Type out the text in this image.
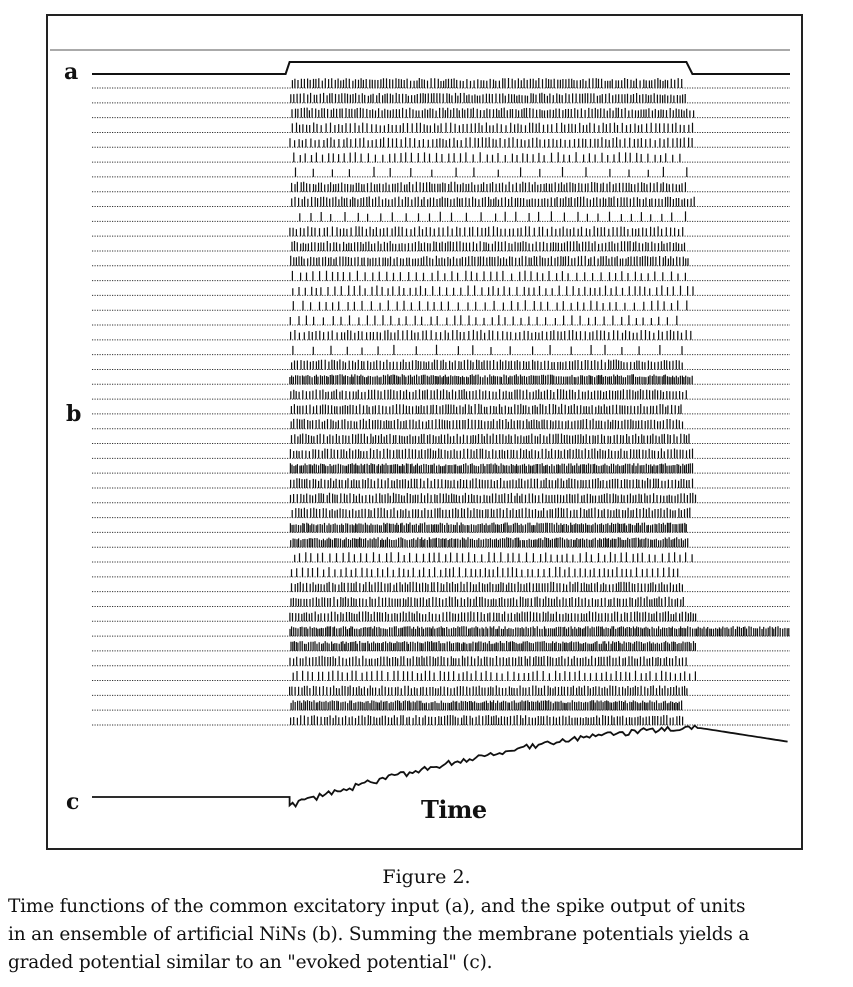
a
b
c	Time
Figure 2.
Time functions of the common excitatory input (a), and the spike output of units
in an ensemble of artificial NiNs (b). Summing the membrane potentials yields a
graded potential similar to an "evoked potential" (c).
